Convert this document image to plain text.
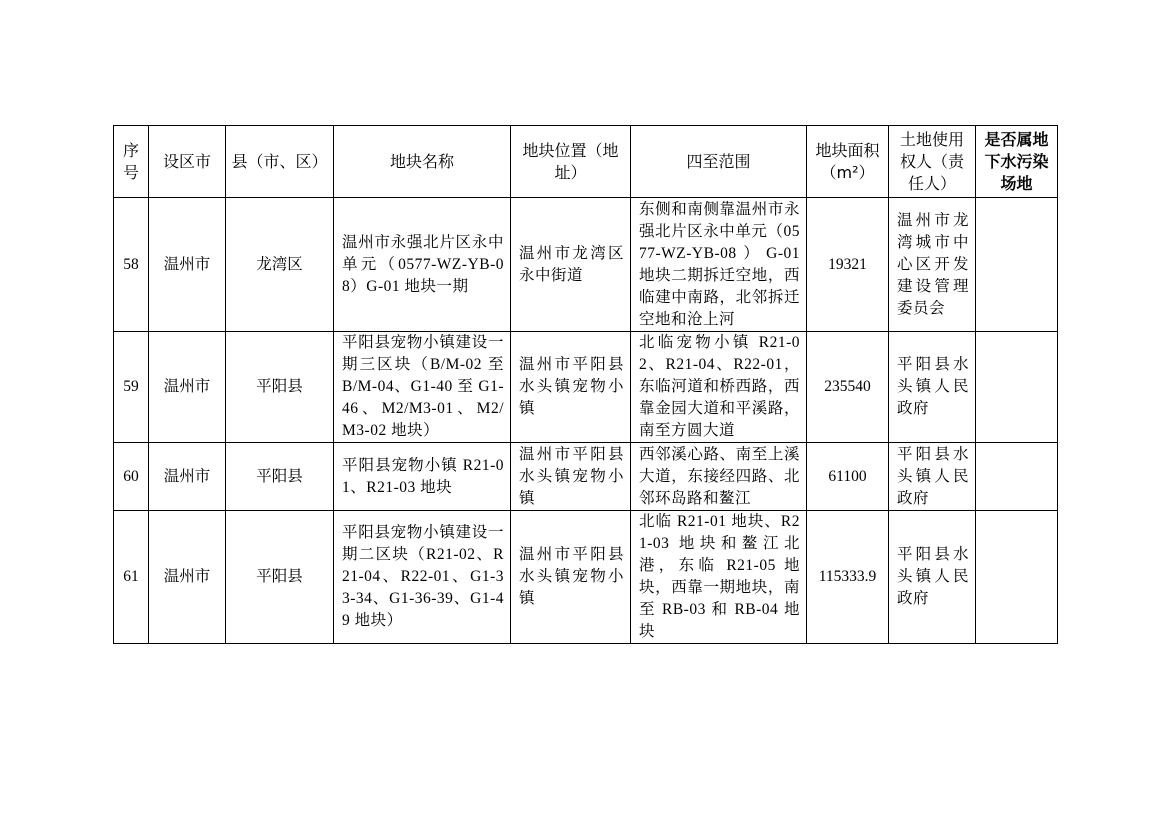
序号	设区市	县（市、区）	地块名称	地块位置（地址）	四至范围	地块面积（m²）	土地使用权人（责任人）	是否属地下水污染场地
58	温州市	龙湾区	温州市永强北片区永中单元（0577-WZ-YB-08）G-01 地块一期	温州市龙湾区永中街道	东侧和南侧靠温州市永强北片区永中单元（0577-WZ-YB-08）G-01 地块二期拆迁空地，西临建中南路，北邻拆迁空地和沧上河	19321	温州市龙湾城市中心区开发建设管理委员会	
59	温州市	平阳县	平阳县宠物小镇建设一期三区块（B/M-02 至 B/M-04、G1-40 至 G1-46、M2/M3-01、M2/M3-02 地块）	温州市平阳县水头镇宠物小镇	北临宠物小镇 R21-02、R21-04、R22-01，东临河道和桥西路，西靠金园大道和平溪路，南至方圆大道	235540	平阳县水头镇人民政府	
60	温州市	平阳县	平阳县宠物小镇 R21-01、R21-03 地块	温州市平阳县水头镇宠物小镇	西邻溪心路、南至上溪大道，东接经四路、北邻环岛路和鳌江	61100	平阳县水头镇人民政府	
61	温州市	平阳县	平阳县宠物小镇建设一期二区块（R21-02、R21-04、R22-01、G1-33-34、G1-36-39、G1-49 地块）	温州市平阳县水头镇宠物小镇	北临 R21-01 地块、R21-03 地块和鳌江北港，东临 R21-05 地块，西靠一期地块，南至 RB-03 和 RB-04 地块	115333.9	平阳县水头镇人民政府	
